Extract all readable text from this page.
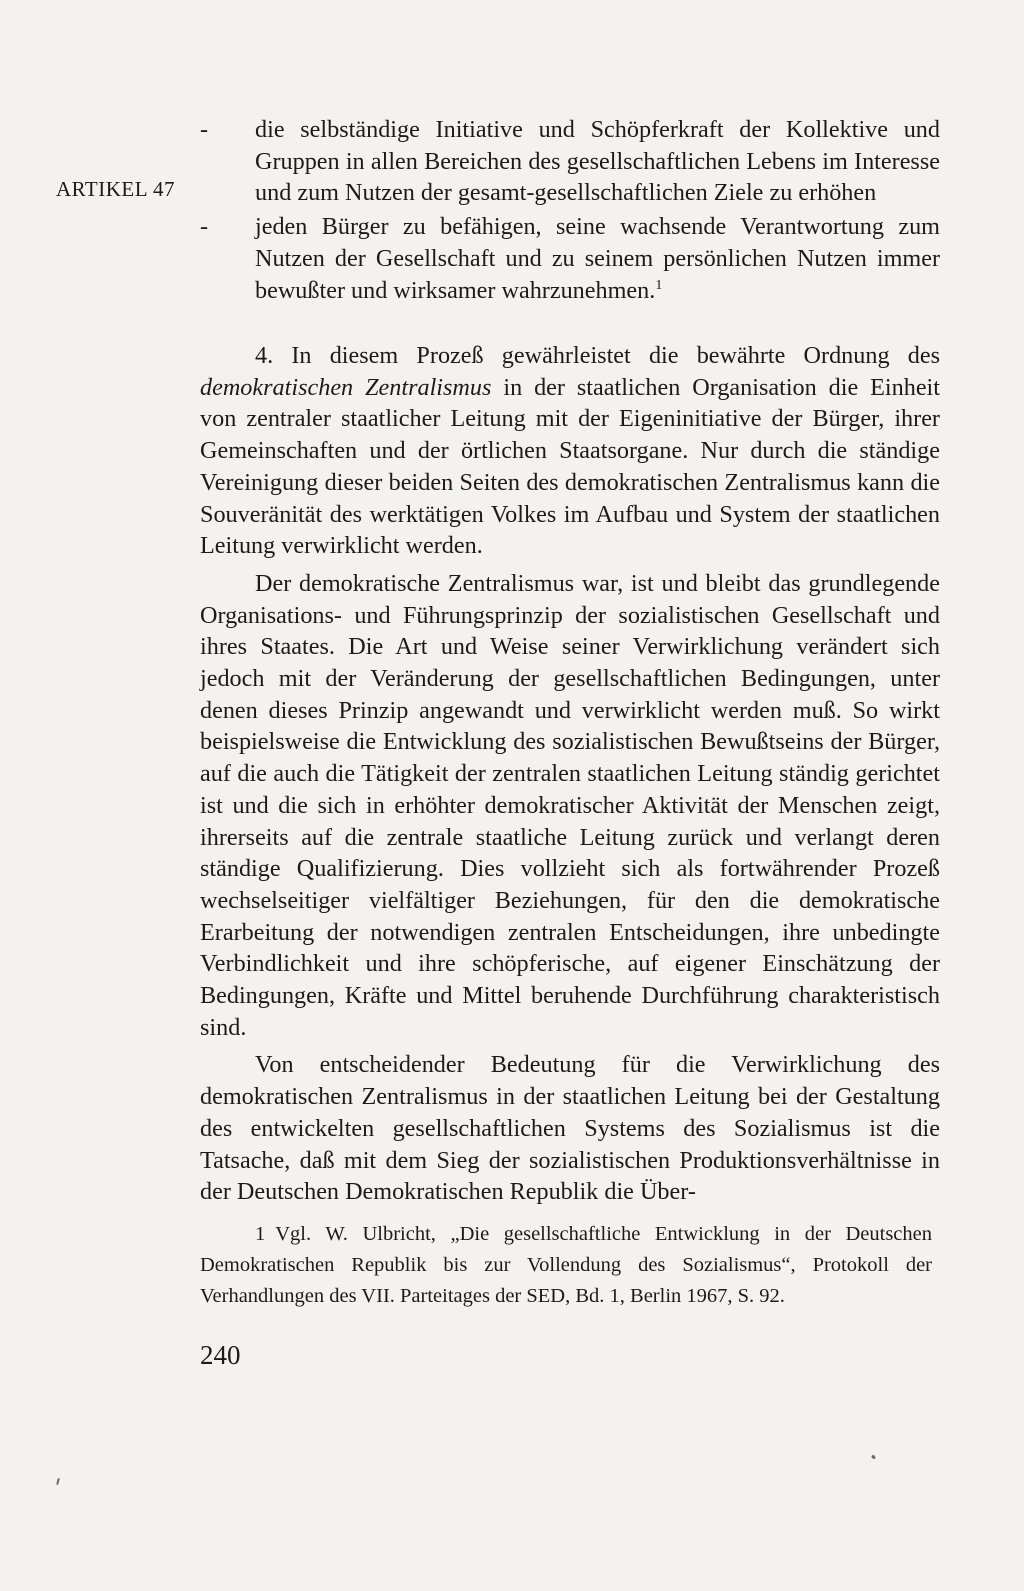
ARTIKEL 47
-	die selbständige Initiative und Schöpferkraft der Kollektive und Gruppen in allen Bereichen des gesellschaftlichen Lebens im Interesse und zum Nutzen der gesamt-gesellschaftlichen Ziele zu erhöhen
-	jeden Bürger zu befähigen, seine wachsende Verantwortung zum Nutzen der Gesellschaft und zu seinem persönlichen Nutzen immer bewußter und wirksamer wahrzunehmen.$^1$

4. In diesem Prozeß gewährleistet die bewährte Ordnung des demokratischen Zentralismus in der staatlichen Organisation die Einheit von zentraler staatlicher Leitung mit der Eigeninitiative der Bürger, ihrer Gemeinschaften und der örtlichen Staatsorgane. Nur durch die ständige Vereinigung dieser beiden Seiten des demokratischen Zentralismus kann die Souveränität des werktätigen Volkes im Aufbau und System der staatlichen Leitung verwirklicht werden.

Der demokratische Zentralismus war, ist und bleibt das grundlegende Organisations- und Führungsprinzip der sozialistischen Gesellschaft und ihres Staates. Die Art und Weise seiner Verwirklichung verändert sich jedoch mit der Veränderung der gesellschaftlichen Bedingungen, unter denen dieses Prinzip angewandt und verwirklicht werden muß. So wirkt beispielsweise die Entwicklung des sozialistischen Bewußtseins der Bürger, auf die auch die Tätigkeit der zentralen staatlichen Leitung ständig gerichtet ist und die sich in erhöhter demokratischer Aktivität der Menschen zeigt, ihrerseits auf die zentrale staatliche Leitung zurück und verlangt deren ständige Qualifizierung. Dies vollzieht sich als fortwährender Prozeß wechselseitiger vielfältiger Beziehungen, für den die demokratische Erarbeitung der notwendigen zentralen Entscheidungen, ihre unbedingte Verbindlichkeit und ihre schöpferische, auf eigener Einschätzung der Bedingungen, Kräfte und Mittel beruhende Durchführung charakteristisch sind.

Von entscheidender Bedeutung für die Verwirklichung des demokratischen Zentralismus in der staatlichen Leitung bei der Gestaltung des entwickelten gesellschaftlichen Systems des Sozialismus ist die Tatsache, daß mit dem Sieg der sozialistischen Produktionsverhältnisse in der Deutschen Demokratischen Republik die Über-

1 Vgl. W. Ulbricht, „Die gesellschaftliche Entwicklung in der Deutschen Demokratischen Republik bis zur Vollendung des Sozialismus“, Protokoll der Verhandlungen des VII. Parteitages der SED, Bd. 1, Berlin 1967, S. 92.
240
